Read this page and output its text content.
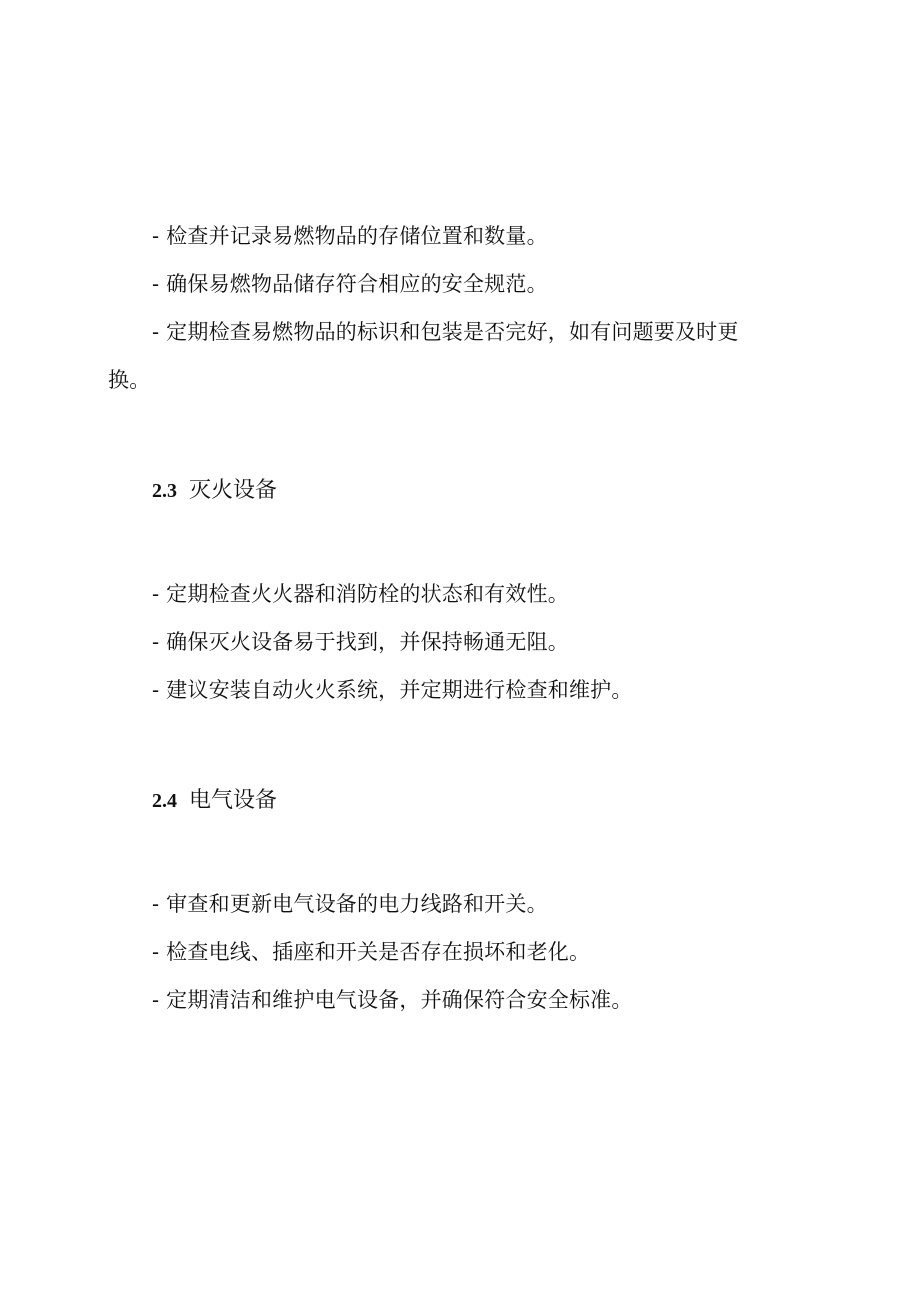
- 检查并记录易燃物品的存储位置和数量。
- 确保易燃物品储存符合相应的安全规范。
- 定期检查易燃物品的标识和包装是否完好，如有问题要及时更
换。
2.3 灭火设备
- 定期检查火火器和消防栓的状态和有效性。
- 确保灭火设备易于找到，并保持畅通无阻。
- 建议安装自动火火系统，并定期进行检查和维护。
2.4 电气设备
- 审查和更新电气设备的电力线路和开关。
- 检查电线、插座和开关是否存在损坏和老化。
- 定期清洁和维护电气设备，并确保符合安全标准。
